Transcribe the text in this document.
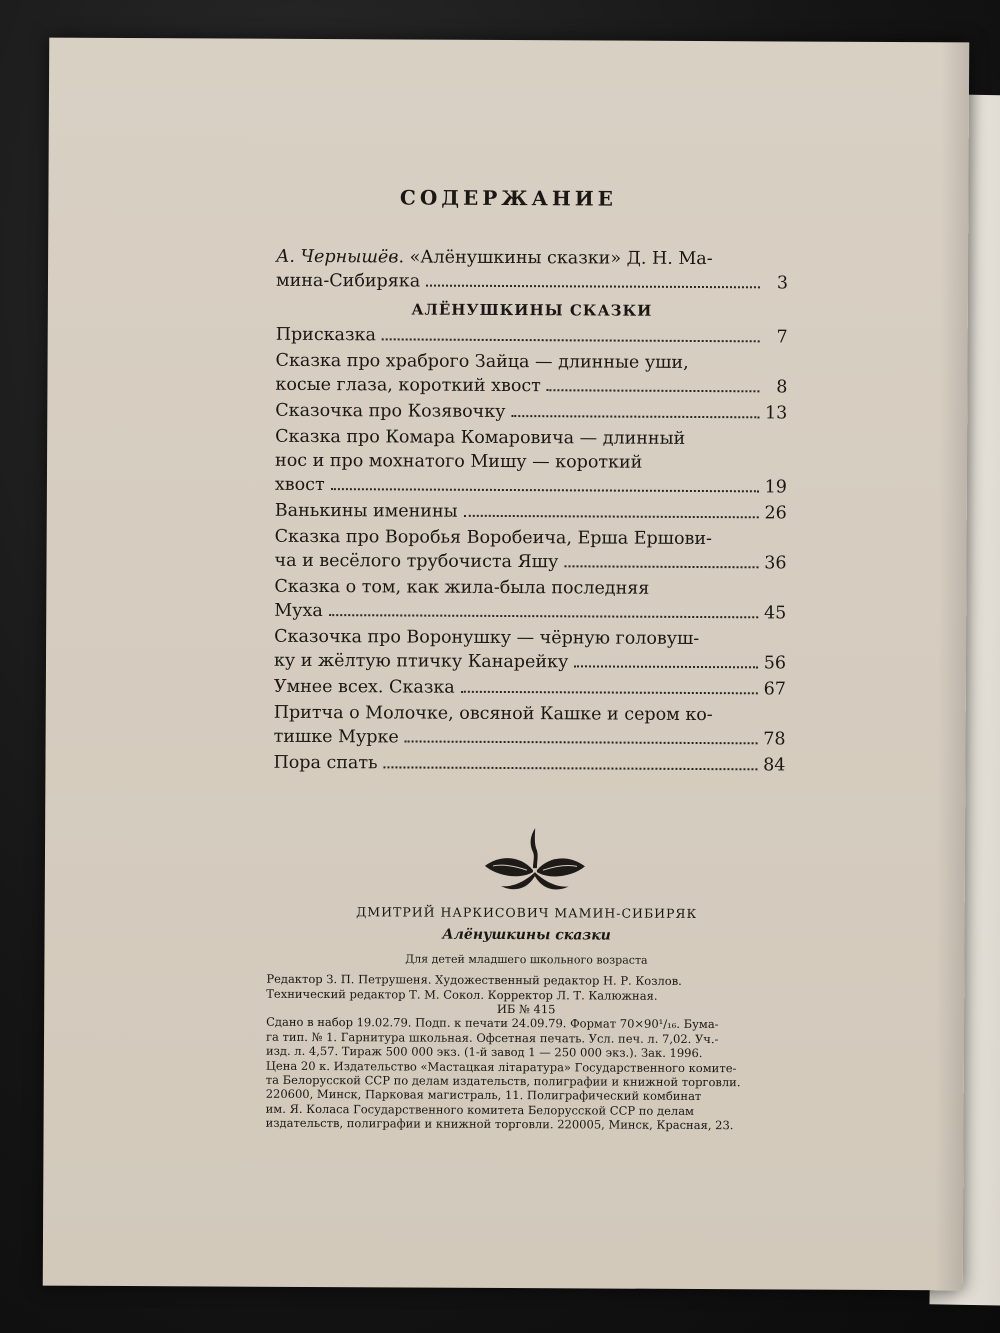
СОДЕРЖАНИЕ
А. Чернышёв. «Алёнушкины сказки» Д. Н. Ма-
мина-Сибиряка	3
АЛЁНУШКИНЫ СКАЗКИ
Присказка	7
Сказка про храброго Зайца — длинные уши,
косые глаза, короткий хвост	8
Сказочка про Козявочку	13
Сказка про Комара Комаровича — длинный
нос и про мохнатого Мишу — короткий
хвост	19
Ванькины именины	26
Сказка про Воробья Воробеича, Ерша Ершови-
ча и весёлого трубочиста Яшу	36
Сказка о том, как жила-была последняя
Муха	45
Сказочка про Воронушку — чёрную головуш-
ку и жёлтую птичку Канарейку	56
Умнее всех. Сказка	67
Притча о Молочке, овсяной Кашке и сером ко-
тишке Мурке	78
Пора спать	84
ДМИТРИЙ НАРКИСОВИЧ МАМИН-СИБИРЯК
Алёнушкины сказки
Для детей младшего школьного возраста
Редактор З. П. Петрушеня. Художественный редактор Н. Р. Козлов.
Технический редактор Т. М. Сокол. Корректор Л. Т. Калюжная.
ИБ № 415

Сдано в набор 19.02.79. Подп. к печати 24.09.79. Формат 70×90¹/₁₆. Бума-

га тип. № 1. Гарнитура школьная. Офсетная печать. Усл. печ. л. 7,02. Уч.-

изд. л. 4,57. Тираж 500 000 экз. (1-й завод 1 — 250 000 экз.). Зак. 1996.

Цена 20 к. Издательство «Мастацкая літаратура» Государственного комите-

та Белорусской ССР по делам издательств, полиграфии и книжной торговли.

220600, Минск, Парковая магистраль, 11. Полиграфический комбинат

им. Я. Коласа Государственного комитета Белорусской ССР по делам

издательств, полиграфии и книжной торговли. 220005, Минск, Красная, 23.
